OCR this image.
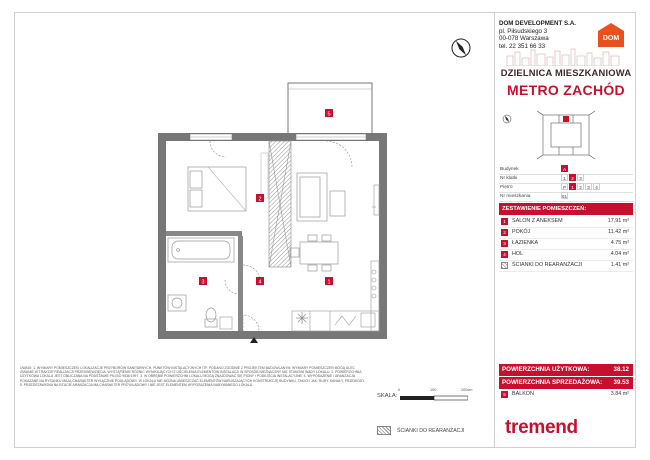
5
2
3	4	1
DOM DEVELOPMENT S.A.
pl. Piłsudskiego 3
00-078 Warszawa
tel. 22 351 66 33
DOM
DZIELNICA MIESZKANIOWA
METRO ZACHÓD
Budynek	A
Nr klatki	1	2	3
Piętro	P	1	2	3	4
Nr mieszkania	61
ZESTAWIENIE POMIESZCZEŃ:
1	SALON Z ANEKSEM	17.91 m²
2	POKÓJ	11.42 m²
3	ŁAZIENKA	4.75 m²
4	HOL	4.04 m²
ŚCIANKI DO REARANŻACJI	1.41 m²
POWIERZCHNIA UŻYTKOWA:	38.12
POWIERZCHNIA SPRZEDAŻOWA: 39.53
5	BALKON	3.84 m²
tremend
UWAGI: 1. WYMIARY POMIESZCZEŃ, LOKALIZACJE PRZYBORÓW SANITARNYCH, PUNKTÓW INSTALACYJNYCH ITP. PODANO ZGODNIE Z PROJEKTEM BUDOWLANYM. WYMIARY POMIESZCZEŃ MOGĄ ULEC ZMIANIE W TRAKCIE REALIZACJI PRZEDSIĘWZIĘCIA. WYSTĄPIENIE RÓŻNIC WYNIKAJĄCYCH Z UŚCIŚLENIA ELEMENTÓW INSTALACJI W SPOSÓB NIEZNACZNY NIE STANOWI WADY LOKALU. 2. POWIERZCHNIA UŻYTKOWA LOKALU JEST OBLICZANA NA PODSTAWIE PN-ISO 9836:1997. 3. W OBRĘBIE POWIERZCHNI LOKALU MOGĄ ZNAJDOWAĆ SIĘ PIONY I PODEJŚCIA INSTALACYJNE. 4. WYPOSAŻENIE I ARANŻACJA POKAZANE NA RYSUNKU MAJĄ CHARAKTER WYŁĄCZNIE POGLĄDOWY. W LOKALU NIE MOŻNA UMIESZCZAĆ ELEMENTÓW NARUSZAJĄCYCH KONSTRUKCJĘ BUDYNKU, TAKICH JAK: RURY, KANAŁY, PRZEWODY. 5. PRZEDSTAWIONA NA RZUCIE ARANŻACJA MA CHARAKTER PRZYKŁADOWY I NIE JEST ELEMENTEM WYPOSAŻENIA NABYWANEGO LOKALU.
SKALA:
0	100	200cm
ŚCIANKI DO REARANŻACJI
